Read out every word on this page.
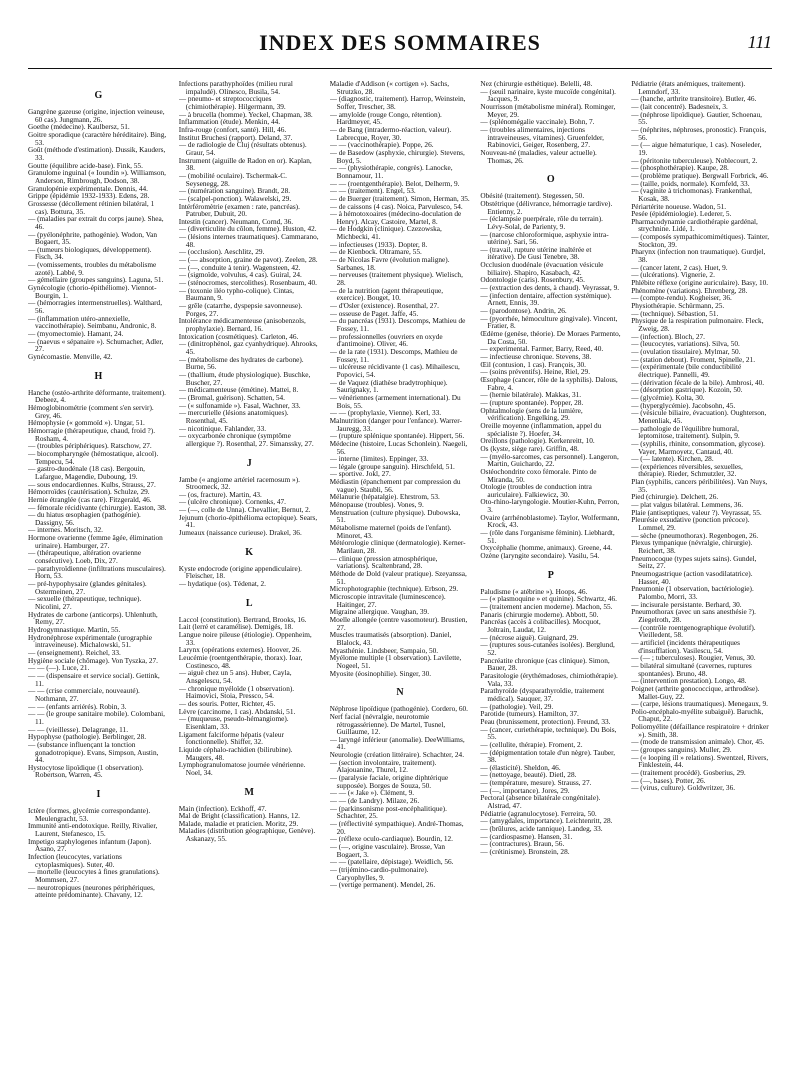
INDEX DES SOMMAIRES	111
G
Gangrène gazeuse (origine, injection veineuse, 60 cas). Jungmann, 26.
Goethe (médecine). Kaulbersz, 51.
Goitre sporadique (caractère héréditaire). Bing, 53.
Goût (méthode d'estimation). Dussik, Kauders, 33.
Goutte (équilibre acide-base). Fink, 55.
Granulome inguinal (« Ioundin »). Williamson, Anderson, Rimbrough, Dodson, 38.
Granulopénie expérimentale. Dennis, 44.
Grippe (épidémie 1932-1933). Edens, 28.
Grossesse (décollement rétinien bilatéral, 1 cas). Bottura, 35.
— (maladies par extrait du corps jaune). Shea, 46.
— (pyélonéphrite, pathogénie). Wodon, Van Bogaert, 35.
— (tumeurs biologiques, développement). Fisch, 34.
— (vomissements, troubles du métabolisme azoté). Labbé, 9.
— gémellaire (groupes sanguins). Laguna, 51.
Gynécologie (chorio-épithéliome). Viennot-Bourgin, 1.
— (hémorragies intermenstruelles). Walthard, 56.
— (inflammation utéro-annexielle, vaccinothérapie). Seimbanu, Andronic, 8.
— (myomectomie). Hamant, 24.
— (naevus « sépanaire »). Schumacher, Adler, 27.
Gynécomastie. Menville, 42.
H
Hanche (ostéo-arthrite déformante, traitement). Debeez, 4.
Hémoglobinométrie (comment s'en servir). Grey, 46.
Hémophysie (« gommoïd »). Ungar, 51.
Hémorragie (thérapeutique, chaud, froid ?). Rosham, 4.
— (troubles périphériques). Ratschow, 27.
— biocompharyngée (hémostatique, alcool). Tempecu, 54.
— gastro-duodénale (18 cas). Bergouin, Lafargue, Magendie, Duboung, 19.
— sous endocardiennes. Kulbs, Strauss, 27.
Hémorroïdes (cautérisation). Schulze, 29.
Hernie étranglée (cas rare). Fitzgerald, 46.
— fémorale récidivante (chirurgie). Easton, 38.
— du hiatus œsophagien (pathogénie). Dassigny, 56.
— internes. Moritsch, 32.
Hormone ovarienne (femme âgée, élimination urinaire). Hamburger, 27.
— (thérapeutique, altération ovarienne consécutive). Loeb, Dix, 27.
— parathyroïdienne (infiltrations musculaires). Horn, 53.
— pré-hypophysaire (glandes génitales). Ostermeinen, 27.
— sexuelle (thérapeutique, technique). Nicolini, 27.
Hydrates de carbone (anticorps). Uhlenhuth, Remy, 27.
Hydrogymnastique. Martin, 55.
Hydronéphrose expérimentale (urographie intraveineuse). Michalowski, 51.
— (enseignement). Reichel, 33.
Hygiène sociale (chômage). Von Tyszka, 27.
— — (—). Luce, 21.
— — (dispensaire et service social). Gettink, 11.
— — (crise commerciale, nouveauté). Nothmann, 27.
— — (enfants arriérés). Robin, 3.
— — (le groupe sanitaire mobile). Colombani, 11.
— — (vieillesse). Delagrange, 11.
Hypophyse (pathologie). Berblinger, 28.
— (substance influençant la tonction gonadotropique). Evans, Simpson, Austin, 44.
Hystocytose lipoïdique (1 observation). Robertson, Warren, 45.
I
Ictère (formes, glycémie correspondante). Meulengracht, 53.
Immunité anti-endotoxique. Reilly, Rivalier, Laurent, Stefanesco, 15.
Impetigo staphylogenes infantum (Japon). Asano, 27.
Infection (leucocytes, variations cytoplasmiques). Suter, 40.
— mortelle (leucocytes à fines granulations). Mommsen, 27.
— neurotropiques (neurones périphériques, atteinte prédominante). Chavany, 12.
Infections parathyphoïdes (milieu rural impaludé). Olinesco, Busila, 54.
— pneumo- et streptococciques (chimiothérapie). Hilgermann, 39.
— à brucella (homme). Yeckel, Chapman, 38.
Inflammation (étude). Menkin, 44.
Infra-rouge (confort, santé). Hill, 46.
Institut Bruchesi (rapport). Deland, 37.
— de radiologie de Cluj (résultats obtenus). Graur, 54.
Instrument (aiguille de Radon en or). Kaplan, 38.
— (mobilité oculaire). Tschermak-C. Seysenegg, 28.
— (numération sanguine). Brandt, 28.
— (scalpel-ponction). Walawelski, 29.
Intérféromètrie (examen : rate, pancréas). Patruber, Dubuit, 20.
Intestin (cancer). Neumann, Cornd, 36.
— (diverticulite du côlon, femme). Huston, 42.
— (lésions internes traumatiques). Cammarano, 48.
— (occlusion). Aeschlitz, 29.
— (— absorption, graine de pavot). Zeelen, 28.
— (—, conduite à tenir). Wagensteen, 42.
— (sigmoïde, volvulus, 4 cas). Guiral, 24.
— (sténocromes, stercolithes). Rosenbaum, 40.
— (toxonie iléo typho-colique). Cintas, Baumann, 9.
— grêle (catarrhe, dyspepsie savonneuse). Porges, 27.
Intolérance médicamenteuse (anisobenzols, prophylaxie). Bernard, 16.
Intoxication (cosmétiques). Carleton, 46.
— (dinitrophénol, gaz cyanhydrique). Ahrooks, 45.
— (métabolisme des hydrates de carbone). Burne, 56.
— (thallium, étude physiologique). Buschke, Buscher, 27.
— médicamenteuse (émétine). Mattei, 8.
— (Bromal, guérison). Schatten, 54.
— (« sulfonamide »). Fasal, Wachner, 33.
— mercurielle (lésions anatomiques). Rosenthal, 45.
— nicotinique. Fahlander, 33.
— oxycarbonée chronique (symptôme allergique ?). Rosenthal, 27. Simanssky, 27.
J
Jambe (« angiome artériel racemosum »). Stroomeck, 32.
— (os, fracture). Martin, 43.
— (ulcère chronique). Cornenks, 47.
— (—, colle de Unna). Chevallier, Bernut, 2.
Jejunum (chorio-épithélioma ectopique). Sears, 41.
Jumeaux (naissance curieuse). Drakel, 36.
K
Kyste endocrode (origine appendiculaire). Fleischer, 18.
— hydatique (os). Tédenat, 2.
L
Laccol (constitution). Bertrand, Brooks, 16.
Lait (lerré et caramélise). Demigés, 18.
Langue noire pileuse (étiologie). Oppenheim, 33.
Larynx (opérations externes). Hoover, 26.
Leucémie (roentgenthérapie, thorax). Ioar, Costinesco, 48.
— aiguë chez un 5 ans). Huber, Cayla, Ansgelescu, 54.
— chronique myéloïde (1 observation). Haimovici, Stoia, Pressco, 54.
— des souris. Potter, Richter, 45.
Lèvre (carcinome, 1 cas). Abdanski, 51.
— (muqueuse, pseudo-hémangiome). Eisenklam, 33.
Ligament falciforme hépatis (valeur fonctionnelle). Shiffer, 32.
Liquide céphalo-rachidien (bilirubine). Maugers, 48.
Lymphogranulomatose journée vénérienne. Noel, 34.
M
Main (infection). Eckhoff, 47.
Mal de Bright (classification). Hanns, 12.
Malade, maladie et praticien. Moritz, 29.
Maladies (distribution géographique, Genève). Askanazy, 55.
Maladie d'Addison (« cortigen »). Sachs, Strutzko, 28.
— (diagnostic, traitement). Harrop, Weinstein, Soffer, Trescher, 38.
— amyloïde (rouge Congo, rétention). Hardmeyer, 45.
— de Bang (intradermo-réaction, valeur). Labrecque, Royer, 30.
— — (vaccinothérapie). Poppe, 26.
— de Basedow (asphyxie, chirurgie). Stevens, Boyd, 5.
— — (physiothérapie, congrès). Lanocke, Bonnamour, 11.
— — (roentgenthérapie). Belot, Delherm, 9.
— — (traitement). Engel, 53.
— de Buerger (traitement). Simon, Herman, 35.
— de caissons (4 cas). Noica, Parvulesco, 54.
— à hémotoxoaires (médecino-doculation de Henry). Alcay, Castoire, Martel, 8.
— de Hodgkin (clinique). Czezowska, Michbecki, 41.
— infectieuses (1933). Dopter, 8.
— de Kienbock. Oltramare, 55.
— de Nicolas Favre (évolution maligne). Sarbanes, 18.
— nerveuses (traitement physique). Wielisch, 28.
— de la nutrition (agent thérapeutique, exercice). Bouget, 10.
— d'Osler (existence). Rosenthal, 27.
— osseuse de Paget. Jaffe, 45.
— du pancréas (1931). Descomps, Mathieu de Fossey, 11.
— professionnelles (ouvriers en oxyde d'antimoine). Oliver, 46.
— de la rate (1931). Descomps, Mathieu de Fossey, 11.
— ulcéreuse récidivante (1 cas). Mihailescu, Popovici, 54.
— de Vaquez (diathèse bradytrophique). Saurignaky, 1.
— vénériennes (armement international). Du Bois, 55.
— — (prophylaxie, Vienne). Kerl, 33.
Malnutrition (danger pour l'enfance). Warrer-Jauregg, 33.
— (rupture splénique spontanée). Hippert, 56.
Médecine (histoire, Lucas Schonlein). Naegeli, 56.
— interne (limites). Eppinger, 33.
— légale (groupe sanguin). Hirschfeld, 51.
— sportive. Jokl, 27.
Médiastin (épanchement par compression du vague). Staubli, 56.
Mélanurie (hépatalgie). Ehrstrom, 53.
Ménopause (troubles). Vones, 9.
Menstruation (culture physique). Dubowska, 51.
Métabolisme maternel (poids de l'enfant). Minoret, 43.
Météorologie clinique (dermatologie). Kerner-Marilaun, 28.
— clinique (pression atmosphérique, variations). Scaltenbrand, 28.
Méthode de Dold (valeur pratique). Szeyanssa, 51.
Microphotographie (technique). Erbson, 29.
Microscopie intravitale (luminescence). Haitinger, 27.
Migraine allergique. Vaughan, 39.
Moelle allongée (centre vasomoteur). Brustien, 27.
Muscles traumatisés (absorption). Daniel, Blalock, 43.
Myasthénie. Lindsbeer, Sampaio, 50.
Myélome multiple (1 observation). Lavilette, Nogeel, 51.
Myosite (éosinophilie). Singer, 30.
N
Néphrose lipoïdique (pathogénie). Cordero, 60.
Nerf facial (névralgie, neurotomie rétrogassérienne). De Martel, Tusnel, Guillaume, 12.
— laryngé inférieur (anomalie). DeeWilliams, 41.
Neurologie (création littéraire). Schachter, 24.
— (section involontaire, traitement). Alajouanine, Thurel, 12.
— (paralysie faciale, origine diphtérique supposée). Borges de Souza, 50.
— — (« Jake »). Clément, 9.
— — (de Landry). Milaze, 26.
— (parkinsonisme post-encéphalitique). Schachter, 25.
— (réflectivité sympathique). André-Thomas, 20.
— (réflexe oculo-cardiaque). Bourdin, 12.
— (—, origine vasculaire). Brosse, Van Bogaert, 3.
— — (patellaire, dépistage). Weidlich, 56.
— (trijémino-cardio-pulmonaire). Caryophylles, 9.
— (vertige permanent). Mendel, 26.
Nez (chirurgie esthétique). Belelli, 48.
— (seuil narinaire, kyste mucoïde congénital). Jacques, 9.
Nourrisson (métabolisme minéral). Rominger, Meyer, 29.
— (splénomégalie vaccinale). Bohn, 7.
— (troubles alimentaires, injections intraveineuses, vitamines). Gruenfelder, Rabinovici, Geiger, Rosenberg, 27.
Nouveau-né (maladies, valeur actuelle). Thomas, 26.
O
Obésité (traitement). Stegessen, 50.
Obstétrique (délivrance, hémorragie tardive). Entienny, 2.
— (éclampsie puerpérale, rôle du terrain). Lévy-Solal, de Parienty, 9.
— (narcose chloroformique, asphyxie intra-utérine). Sari, 56.
— (travail, rupture utérine inaltérée et itérative). De Gusi Tenebre, 38.
Occlusion duodénale (évacuation vésicule biliaire). Shapiro, Kasabach, 42.
Odontologie (caris). Rosenbury, 45.
— (extraction des dents, à chaud). Veyrassat, 9.
— (infection dentaire, affection systémique). Arnett, Ennis, 39.
— (parodontose). Andrin, 26.
— (pyorrhée, hémoculture gingivale). Vincent, Fratier, 8.
Œdème (genèse, théorie). De Moraes Parmento, Da Costa, 50.
— experimental. Farmer, Barry, Reed, 40.
— infectieuse chronique. Stevens, 38.
Œil (contusion, 1 cas). François, 30.
— (soins préventifs). Heine, Riel, 29.
Œsophage (cancer, rôle de la syphilis). Dalous, Fabre, 4.
— (hernie bilatérale). Makkas, 31.
— (rupture spontanée). Popper, 28.
Ophtalmologie (sens de la lumière, vérification). Engelking, 29.
Oreille moyenne (inflammation, appel du spécialiste ?). Hoefer, 34.
Oreillons (pathologie). Kerkenreitt, 10.
Os (kyste, siège rare). Griffin, 48.
— (myélo-sarcomes, cas personnel). Langeron, Martin, Guichardo, 22.
Ostéochondrite coxo fémorale. Pinto de Miranda, 50.
Otologie (troubles de conduction intra auriculaire). Falkiewicz, 30.
Oto-rhino-laryngologie. Moutier-Kuhn, Perron, 3.
Ovaire (arrhénoblastome). Taylor, Wolfermann, Krock, 43.
— (rôle dans l'organisme féminin). Liebhardt, 51.
Oxycéphalie (homme, animaux). Greene, 44.
Ozène (laryngite secondaire). Vasilu, 54.
P
Paludisme (« atébrine »). Hoops, 46.
— (« plasmoquine » et quinine). Schwartz, 46.
— (traitement ancien moderne). Machon, 55.
Panaris (chirurgie moderne). Abbott, 50.
Pancréas (accès à colibacilles). Mocquot, Joltrain, Laudat, 12.
— (nécrose aiguë). Guignard, 29.
— (ruptures sous-cutanées isolées). Berglund, 52.
Pancréatite chronique (cas clinique). Simon, Bauer, 28.
Parasitologie (érythémadoses, chimiothérapie). Vala, 33.
Parathyroïde (dysparathyroïdie, traitement médical). Sauquer, 37.
— (pathologie). Veil, 29.
Parotide (tumeurs). Hamilton, 37.
Peau (brunissement, protection). Freund, 33.
— (cancer, curiethérapie, technique). Du Bois, 55.
— (cellulite, thérapie). Froment, 2.
— (dépigmentation totale d'un nègre). Tauber, 38.
— (élasticité). Sheldon, 46.
— (nettoyage, beauté). Dietl, 28.
— (température, mesure). Strauss, 27.
— (—, importance). Jores, 29.
Pectoral (absence bilatérale congénitale). Alstrad, 47.
Pédiatrie (agranulocytose). Ferreira, 50.
— (amygdales, importance). Leichtenritt, 28.
— (brûlures, acide tannique). Landeg, 33.
— (cardiospasme). Hansen, 31.
— (contractures). Braun, 56.
— (crétinisme). Bronstein, 28.
Pédiatrie (états anémiques, traitement). Lemndorf, 33.
— (hanche, arthrite transitoire). Butler, 46.
— (lait concentré). Badesneix, 3.
— (néphrose lipoïdique). Gautier, Schoenau, 55.
— (néphrites, néphroses, pronostic). François, 56.
— (— aigue hématurique, 1 cas). Noseleder, 19.
— (péritonite tuberculeuse). Noblecourt, 2.
— (phosphothérapie). Kaupe, 28.
— (problème pratique). Bergwall Forbrick, 46.
— (taille, poids, normale). Kornfeld, 33.
— (vaginite à trichomonas). Frankenthal, Kosak, 38.
Périartérite noueuse. Wadon, 51.
Pesée (épidémiologie). Lederer, 5.
Pharmacodynamie cardiothérapie gardénal, strychnine. Lidé, 1.
— (composés sympathicomimétiques). Tainter, Stockton, 39.
Pharynx (infection non traumatique). Gurdjel, 38.
— (cancer latent, 2 cas). Huet, 9.
— (ulcérations). Vignerie, 2.
Phlébite réflexe (origine auriculaire). Basy, 10.
Phénomène (variations). Ehrenberg, 28.
— (compte-rendu). Kogheiser, 36.
Physiothérapie. Schürmann, 25.
— (technique). Sébastion, 51.
Physique de la respiration pulmonaire. Fleck, Zweig, 28.
— (infection). Bloch, 27.
— (leucocytes, variations). Silva, 50.
— (ovulation tissulaire). Mylmar, 50.
— (station debout). Froment, Spinelle, 21.
— (expérimentale (bile conductibilité électrique). Pannelli, 49.
— (dérivation fécale de la bile). Ambrosi, 40.
— (désorption gastrique). Kozoin, 50.
— (glycémie). Kolta, 30.
— (hyperglycémie). Jacobsohn, 45.
— (vésicule biliaire, évacuation). Oughterson, Menenliak, 45.
— pathologie de l'équilibre humoral, leptomitose, traitement). Sulpin, 9.
— (syphilis, rhinite, consommation, glycose). Vayer, Marmoyetz, Cantaud, 40.
— (— latente). Kirchen, 28.
— (expériences réversibles, sexuelles, thérapie). Rieder, Schmutzler, 32.
Plan (syphilis, cancers péribilitées). Van Nuys, 35.
Pied (chirurgie). Delchett, 26.
— plat valgus bilatéral. Lemmens, 36.
Plaie (antiseptiques, valeur ?). Veyrassat, 55.
Pleurésie exsudative (ponction précoce). Lommel, 29.
— sèche (pneumothorax). Regenbogen, 26.
Plexus tympanique (névralgie, chirurgie). Reichert, 38.
Pneumocoque (types sujets sains). Gundel, Seitz, 27.
Pneumogastrique (action vasodilatatrice). Hasser, 40.
Pneumonie (1 observation, bactériologie). Palombo, Morri, 33.
— incisurale persistante. Berhard, 30.
Pneumothorax (avec un sans anesthésie ?). Ziegelroth, 28.
— (contrôle roentgenographique évolutif). Vieilledent, 58.
— artificiel (incidents thérapeutiques d'insufflation). Vasilescu, 54.
— (— ; tuberculoses). Rougier, Venus, 30.
— bilatéral simultané (cavernes, ruptures spontanées). Bruno, 48.
— (intervention prestation). Longo, 48.
Poignet (arthrite gonococcique, arthrodèse). Mallet-Guy, 22.
— (carpe, lésions traumatiques). Menegaux, 9.
Polio-encéphalo-myélite subaiguë). Baruchk, Chaput, 22.
Poliomyélite (défaillance respiratoire + drinker »). Smith, 38.
— (mode de transmission animale). Chor, 45.
— (groupes sanguins). Muller, 29.
— (« looping ill » relations). Swentzel, Rivers, Finklestein, 44.
— (traitement procédé). Gosberius, 29.
— (—, bases). Potter, 26.
— (virus, culture). Goldwritzer, 36.
